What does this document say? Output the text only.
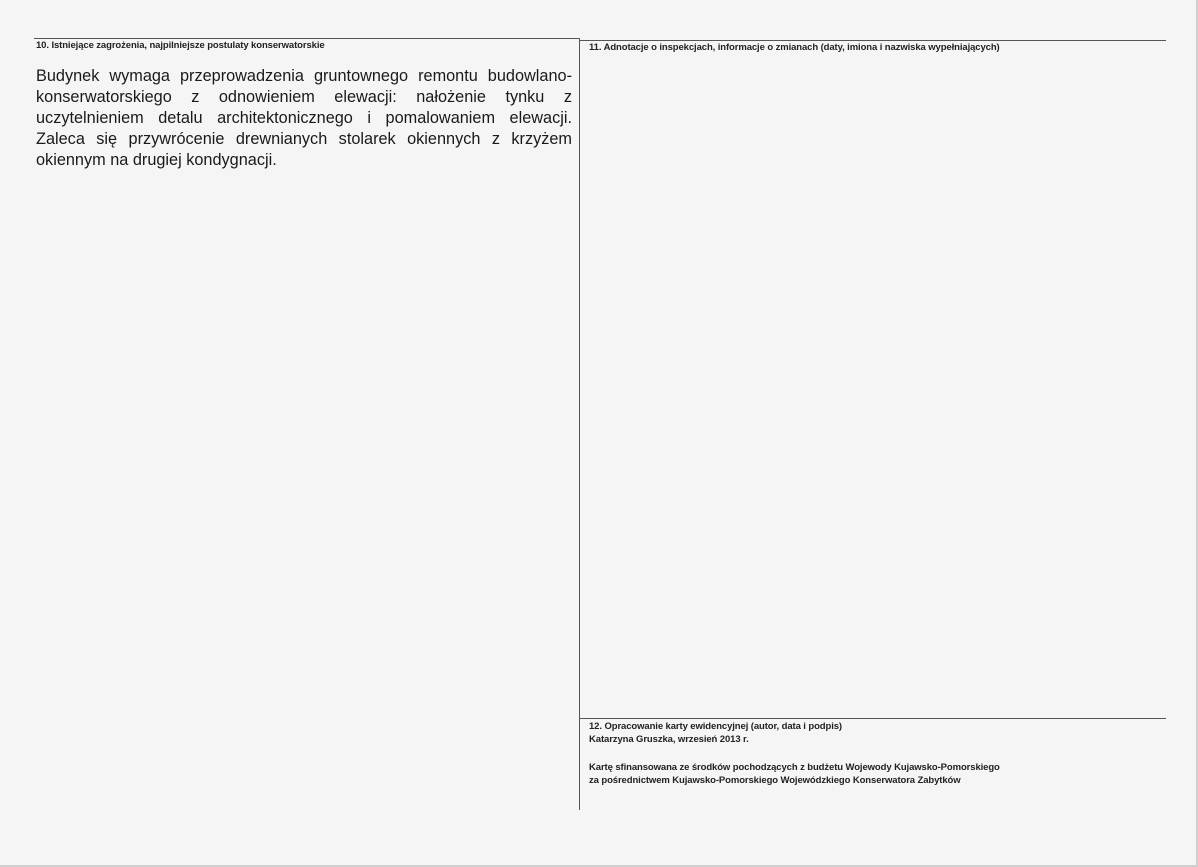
10. Istniejące zagrożenia, najpilniejsze postulaty konserwatorskie
Budynek wymaga przeprowadzenia gruntownego remontu budowlano-konserwatorskiego z odnowieniem elewacji: nałożenie tynku z uczytelnieniem detalu architektonicznego i pomalowaniem elewacji. Zaleca się przywrócenie drewnianych stolarek okiennych z krzyżem okiennym na drugiej kondygnacji.
11. Adnotacje o inspekcjach, informacje o zmianach (daty, imiona i nazwiska wypełniających)
12. Opracowanie karty ewidencyjnej (autor, data i podpis)
Katarzyna Gruszka, wrzesień 2013 r.
Kartę sfinansowana ze środków pochodzących z budżetu Wojewody Kujawsko-Pomorskiego
za pośrednictwem Kujawsko-Pomorskiego Wojewódzkiego Konserwatora Zabytków
